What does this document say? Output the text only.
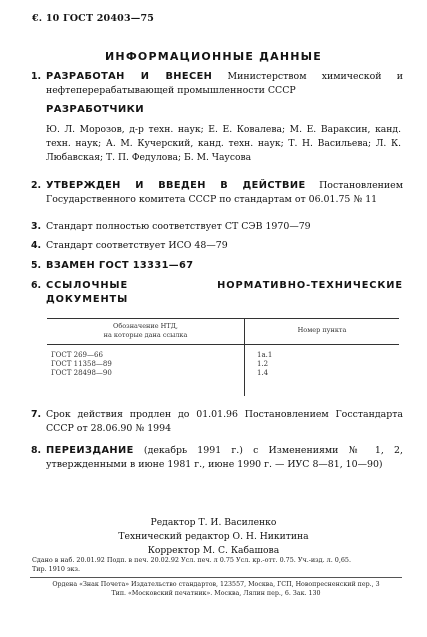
€. 10 ГОСТ 20403—75
ИНФОРМАЦИОННЫЕ ДАННЫЕ
1. РАЗРАБОТАН И ВНЕСЕН Министерством химической и нефтеперерабатывающей промышленности СССР
РАЗРАБОТЧИКИ
Ю. Л. Морозов, д-р техн. наук; Е. Е. Ковалева; М. Е. Вараксин, канд. техн. наук; А. М. Кучерский, канд. техн. наук; Т. Н. Васильева; Л. К. Любавская; Т. П. Федулова; Б. М. Чаусова
2. УТВЕРЖДЕН И ВВЕДЕН В ДЕЙСТВИЕ Постановлением Государственного комитета СССР по стандартам от 06.01.75 № 11
3. Стандарт полностью соответствует СТ СЭВ 1970—79
4. Стандарт соответствует ИСО 48—79
5. ВЗАМЕН ГОСТ 13331—67
6. ССЫЛОЧНЫЕ НОРМАТИВНО-ТЕХНИЧЕСКИЕ ДОКУМЕНТЫ
Обозначение НТД,
на которые дана ссылка
Номер пункта
ГОСТ 269—66	1а.1
ГОСТ 11358—89	1.2
ГОСТ 28498—90	1.4
7. Срок действия продлен до 01.01.96 Постановлением Госстандарта СССР от 28.06.90 № 1994
8. ПЕРЕИЗДАНИЕ (декабрь 1991 г.) с Изменениями № 1, 2, утвержденными в июне 1981 г., июне 1990 г. — ИУС 8—81, 10—90)
Редактор Т. И. Василенко
Технический редактор О. Н. Никитина
Корректор М. С. Кабашова
Сдано в наб. 20.01.92 Подп. в печ. 20.02.92 Усл. печ. л 0.75 Усл. кр.-отт. 0.75. Уч.-изд. л. 0,65.
Тир. 1910 экз.
Ордена «Знак Почета» Издательство стандартов, 123557, Москва, ГСП, Новопресненский пер., 3
Тип. «Московский печатник». Москва, Лялин пер., 6. Зак. 130
